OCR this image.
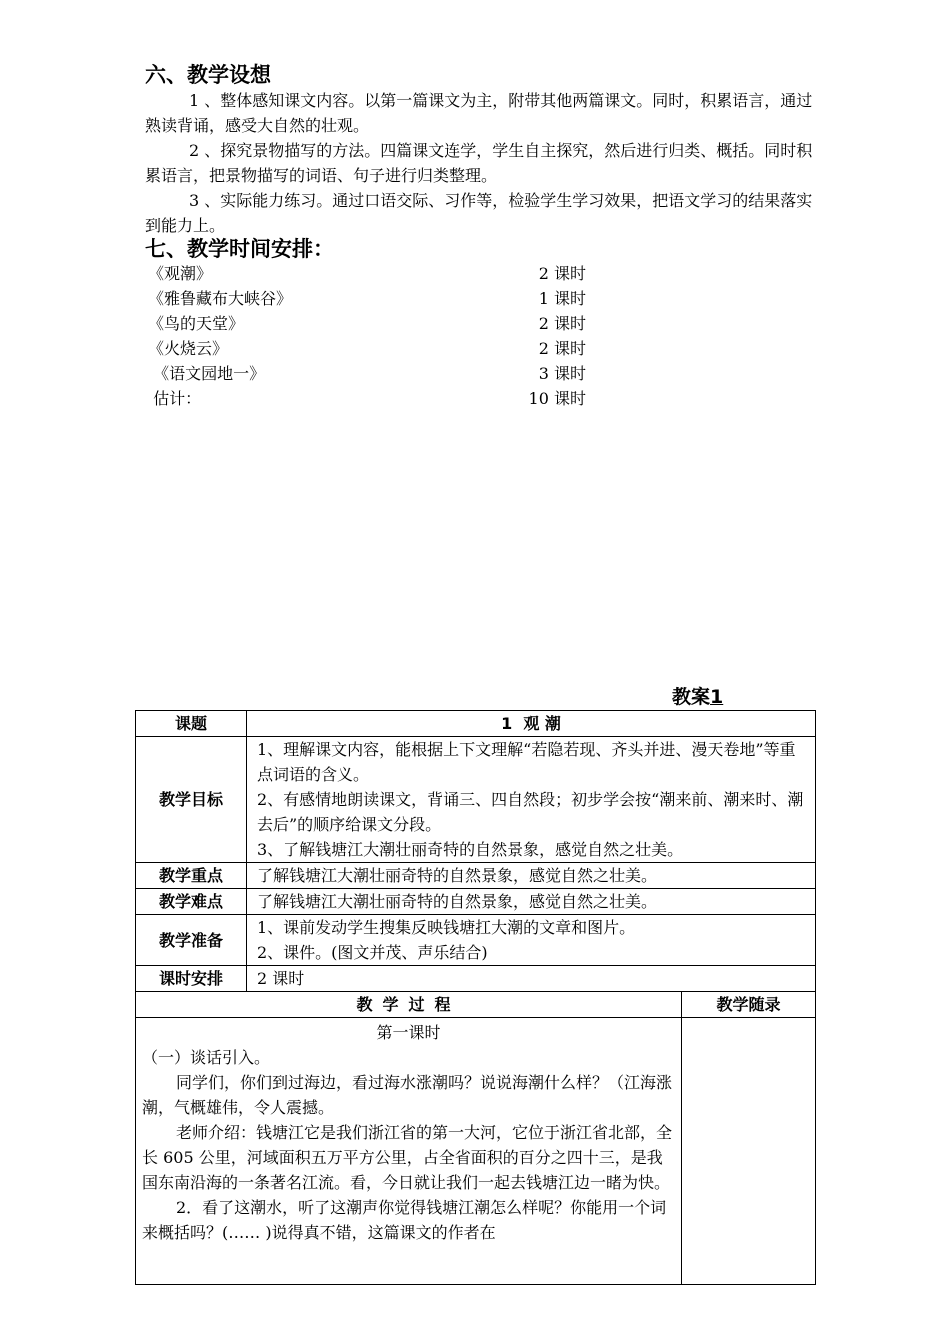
六、教学设想

1 、整体感知课文内容。以第一篇课文为主，附带其他两篇课文。同时，积累语言，通过熟读背诵，感受大自然的壮观。

2 、探究景物描写的方法。四篇课文连学，学生自主探究，然后进行归类、概括。同时积累语言，把景物描写的词语、句子进行归类整理。

3 、实际能力练习。通过口语交际、习作等，检验学生学习效果，把语文学习的结果落实到能力上。

七、教学时间安排：
《观潮》	2 课时
《雅鲁藏布大峡谷》	1 课时
《鸟的天堂》	2 课时
《火烧云》	2 课时
《语文园地一》	3 课时
估计：	10 课时
教案1
课题	1  观 潮	
教学目标	1、理解课文内容，能根据上下文理解“若隐若现、齐头并进、漫天卷地”等重点词语的含义。
2、有感情地朗读课文，背诵三、四自然段；初步学会按“潮来前、潮来时、潮去后”的顺序给课文分段。
3、了解钱塘江大潮壮丽奇特的自然景象，感觉自然之壮美。	

教学重点	了解钱塘江大潮壮丽奇特的自然景象，感觉自然之壮美。	
教学难点	了解钱塘江大潮壮丽奇特的自然景象，感觉自然之壮美。	
教学准备	1、课前发动学生搜集反映钱塘扛大潮的文章和图片。
2、课件。(图文并茂、声乐结合)	

课时安排	2 课时	
教学过程		教学随录

第一课时

（一）谈话引入。

同学们，你们到过海边，看过海水涨潮吗？说说海潮什么样？（江海涨潮，气概雄伟，令人震撼。

老师介绍：钱塘江它是我们浙江省的第一大河，它位于浙江省北部，全长 605 公里，河域面积五万平方公里，占全省面积的百分之四十三，是我国东南沿海的一条著名江流。看，今日就让我们一起去钱塘江边一睹为快。

2．看了这潮水，听了这潮声你觉得钱塘江潮怎么样呢？你能用一个词来概括吗？(…… )说得真不错，这篇课文的作者在		
